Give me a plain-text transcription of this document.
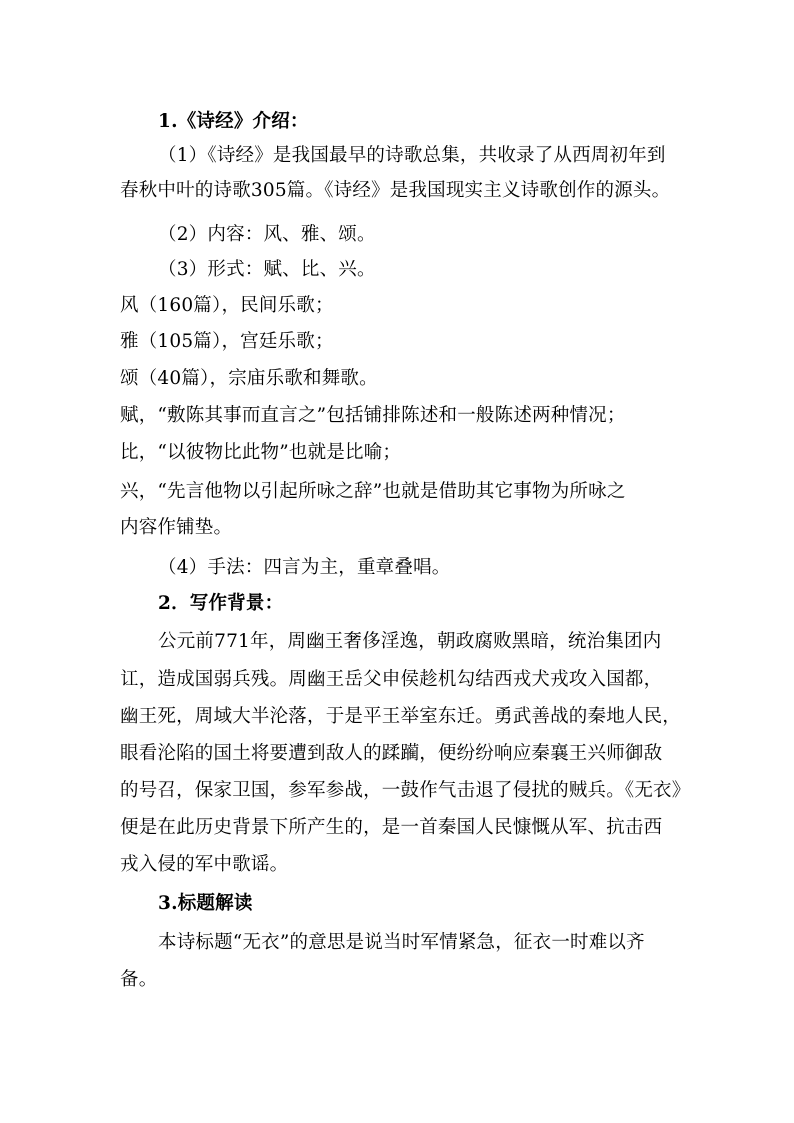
1.《诗经》介绍：
（1）《诗经》是我国最早的诗歌总集，共收录了从西周初年到
春秋中叶的诗歌305篇。《诗经》是我国现实主义诗歌创作的源头。
（2）内容：风、雅、颂。
（3）形式：赋、比、兴。
风（160篇），民间乐歌；
雅（105篇），宫廷乐歌；
颂（40篇），宗庙乐歌和舞歌。
赋，“敷陈其事而直言之”包括铺排陈述和一般陈述两种情况；
比，“以彼物比此物”也就是比喻；
兴，“先言他物以引起所咏之辞”也就是借助其它事物为所咏之
内容作铺垫。
（4）手法：四言为主，重章叠唱。
2．写作背景：
公元前771年，周幽王奢侈淫逸，朝政腐败黑暗，统治集团内
讧，造成国弱兵残。周幽王岳父申侯趁机勾结西戎犬戎攻入国都，
幽王死，周域大半沦落，于是平王举室东迁。勇武善战的秦地人民，
眼看沦陷的国土将要遭到敌人的蹂躏，便纷纷响应秦襄王兴师御敌
的号召，保家卫国，参军参战，一鼓作气击退了侵扰的贼兵。《无衣》
便是在此历史背景下所产生的，是一首秦国人民慷慨从军、抗击西
戎入侵的军中歌谣。
3.标题解读
本诗标题“无衣”的意思是说当时军情紧急，征衣一时难以齐
备。
